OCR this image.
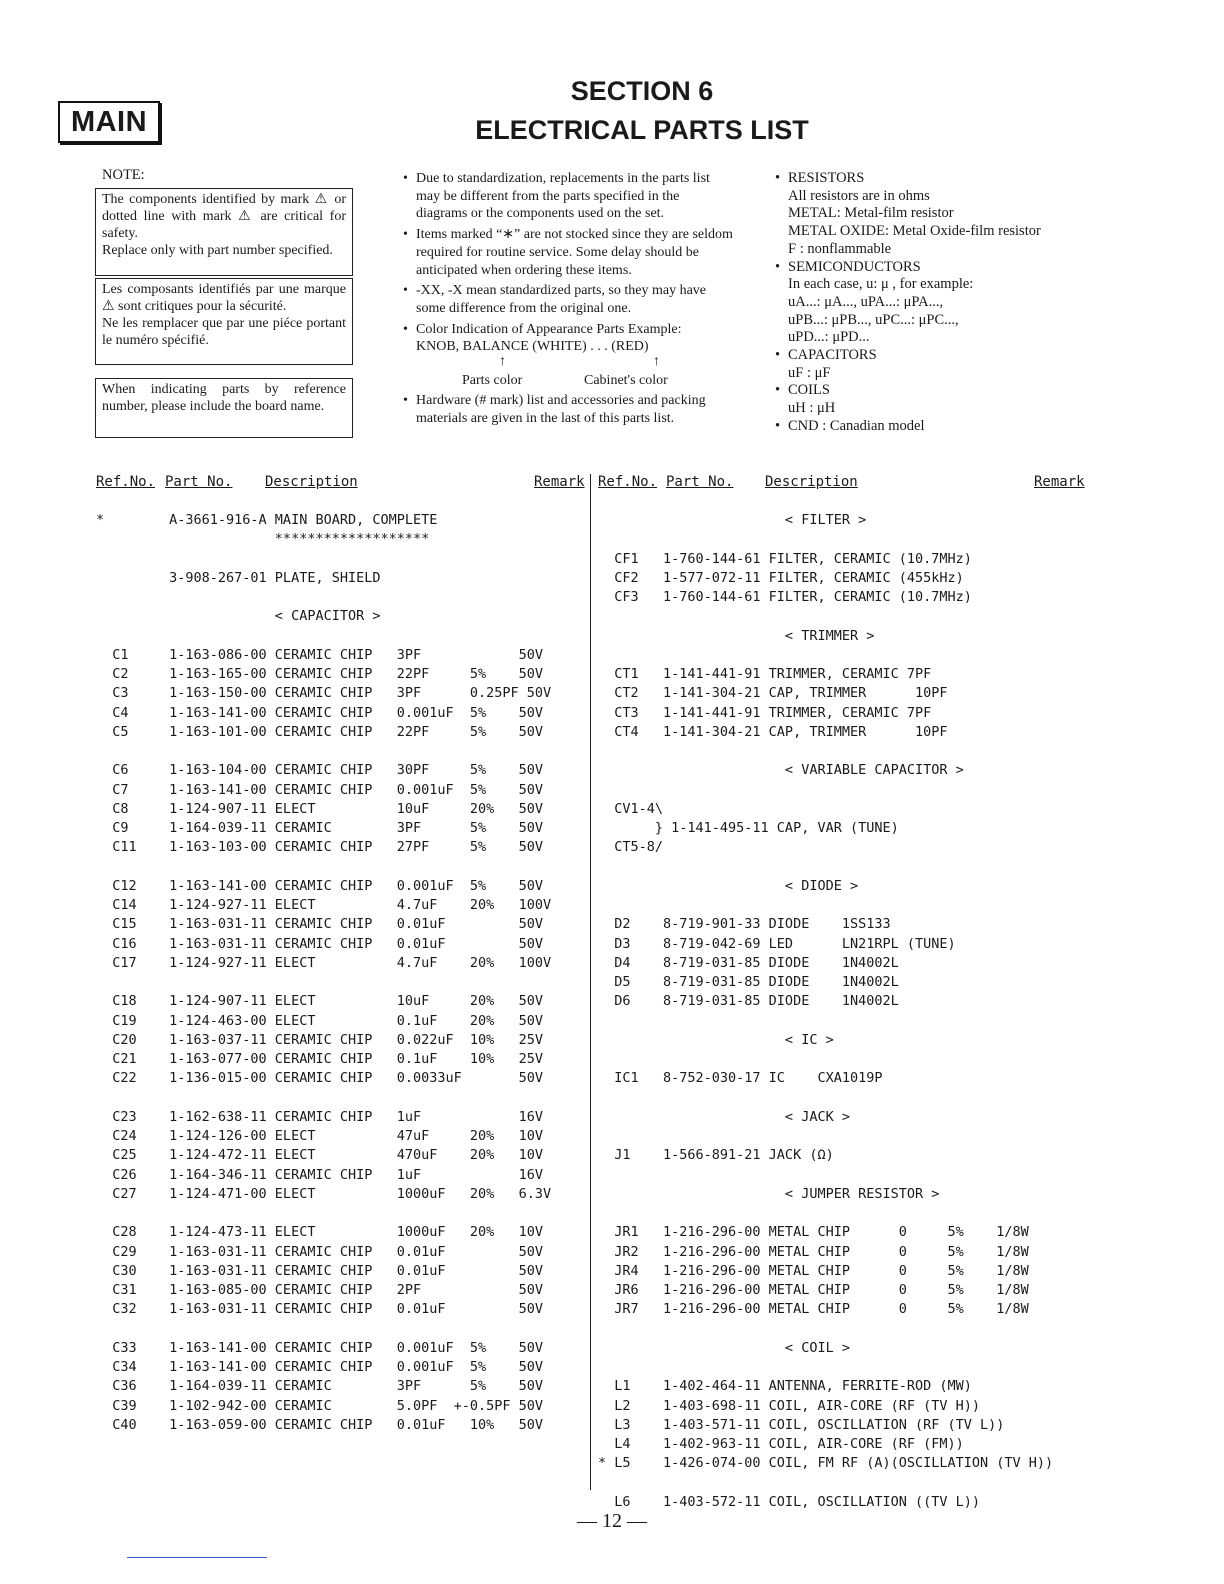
MAIN
SECTION 6
ELECTRICAL PARTS LIST
NOTE:

The components identified by mark ⚠ or dotted line with mark ⚠ are critical for safety.

Replace only with part number specified.

Les composants identifiés par une marque ⚠ sont critiques pour la sécurité.

Ne les remplacer que par une piéce portant le numéro spécifié.

When indicating parts by reference number, please include the board name.

• Due to standardization, replacements in the parts list may be different from the parts specified in the diagrams or the components used on the set.
• Items marked “∗” are not stocked since they are seldom required for routine service. Some delay should be anticipated when ordering these items.
• -XX, -X mean standardized parts, so they may have some difference from the original one.
• Color Indication of Appearance Parts Example:
KNOB, BALANCE (WHITE) . . . (RED)
↑	↑
Parts color	Cabinet's color
• Hardware (# mark) list and accessories and packing materials are given in the last of this parts list.
• RESISTORS
All resistors are in ohms
METAL: Metal-film resistor
METAL OXIDE: Metal Oxide-film resistor
F : nonflammable
• SEMICONDUCTORS
In each case, u: μ , for example:
uA...: μA..., uPA...: μPA...,
uPB...: μPB..., uPC...: μPC...,
uPD...: μPD...
• CAPACITORS
uF : μF
• COILS
uH : μH
• CND : Canadian model
Ref.No. Part No. Description	Remark Ref.No. Part No. Description	Remark
*        A-3661-916-A MAIN BOARD, COMPLETE
*******************
3-908-267-01 PLATE, SHIELD
< CAPACITOR >
C1     1-163-086-00 CERAMIC CHIP   3PF            50V
C2     1-163-165-00 CERAMIC CHIP   22PF     5%    50V
C3     1-163-150-00 CERAMIC CHIP   3PF      0.25PF 50V
C4     1-163-141-00 CERAMIC CHIP   0.001uF  5%    50V
C5     1-163-101-00 CERAMIC CHIP   22PF     5%    50V
C6     1-163-104-00 CERAMIC CHIP   30PF     5%    50V
C7     1-163-141-00 CERAMIC CHIP   0.001uF  5%    50V
C8     1-124-907-11 ELECT          10uF     20%   50V
C9     1-164-039-11 CERAMIC        3PF      5%    50V
C11    1-163-103-00 CERAMIC CHIP   27PF     5%    50V
C12    1-163-141-00 CERAMIC CHIP   0.001uF  5%    50V
C14    1-124-927-11 ELECT          4.7uF    20%   100V
C15    1-163-031-11 CERAMIC CHIP   0.01uF         50V
C16    1-163-031-11 CERAMIC CHIP   0.01uF         50V
C17    1-124-927-11 ELECT          4.7uF    20%   100V
C18    1-124-907-11 ELECT          10uF     20%   50V
C19    1-124-463-00 ELECT          0.1uF    20%   50V
C20    1-163-037-11 CERAMIC CHIP   0.022uF  10%   25V
C21    1-163-077-00 CERAMIC CHIP   0.1uF    10%   25V
C22    1-136-015-00 CERAMIC CHIP   0.0033uF       50V
C23    1-162-638-11 CERAMIC CHIP   1uF            16V
C24    1-124-126-00 ELECT          47uF     20%   10V
C25    1-124-472-11 ELECT          470uF    20%   10V
C26    1-164-346-11 CERAMIC CHIP   1uF            16V
C27    1-124-471-00 ELECT          1000uF   20%   6.3V
C28    1-124-473-11 ELECT          1000uF   20%   10V
C29    1-163-031-11 CERAMIC CHIP   0.01uF         50V
C30    1-163-031-11 CERAMIC CHIP   0.01uF         50V
C31    1-163-085-00 CERAMIC CHIP   2PF            50V
C32    1-163-031-11 CERAMIC CHIP   0.01uF         50V
C33    1-163-141-00 CERAMIC CHIP   0.001uF  5%    50V
C34    1-163-141-00 CERAMIC CHIP   0.001uF  5%    50V
C36    1-164-039-11 CERAMIC        3PF      5%    50V
C39    1-102-942-00 CERAMIC        5.0PF  +-0.5PF 50V
C40    1-163-059-00 CERAMIC CHIP   0.01uF   10%   50V
< FILTER >
CF1   1-760-144-61 FILTER, CERAMIC (10.7MHz)
CF2   1-577-072-11 FILTER, CERAMIC (455kHz)
CF3   1-760-144-61 FILTER, CERAMIC (10.7MHz)
< TRIMMER >
CT1   1-141-441-91 TRIMMER, CERAMIC 7PF
CT2   1-141-304-21 CAP, TRIMMER      10PF
CT3   1-141-441-91 TRIMMER, CERAMIC 7PF
CT4   1-141-304-21 CAP, TRIMMER      10PF
< VARIABLE CAPACITOR >
CV1-4\
} 1-141-495-11 CAP, VAR (TUNE)
CT5-8/
< DIODE >
D2    8-719-901-33 DIODE    1SS133
D3    8-719-042-69 LED      LN21RPL (TUNE)
D4    8-719-031-85 DIODE    1N4002L
D5    8-719-031-85 DIODE    1N4002L
D6    8-719-031-85 DIODE    1N4002L
< IC >
IC1   8-752-030-17 IC    CXA1019P
< JACK >
J1    1-566-891-21 JACK (Ω)
< JUMPER RESISTOR >
JR1   1-216-296-00 METAL CHIP      0     5%    1/8W
JR2   1-216-296-00 METAL CHIP      0     5%    1/8W
JR4   1-216-296-00 METAL CHIP      0     5%    1/8W
JR6   1-216-296-00 METAL CHIP      0     5%    1/8W
JR7   1-216-296-00 METAL CHIP      0     5%    1/8W
< COIL >
L1    1-402-464-11 ANTENNA, FERRITE-ROD (MW)
L2    1-403-698-11 COIL, AIR-CORE (RF (TV H))
L3    1-403-571-11 COIL, OSCILLATION (RF (TV L))
L4    1-402-963-11 COIL, AIR-CORE (RF (FM))
* L5    1-426-074-00 COIL, FM RF (A)(OSCILLATION (TV H))
L6    1-403-572-11 COIL, OSCILLATION ((TV L))
— 12 —
